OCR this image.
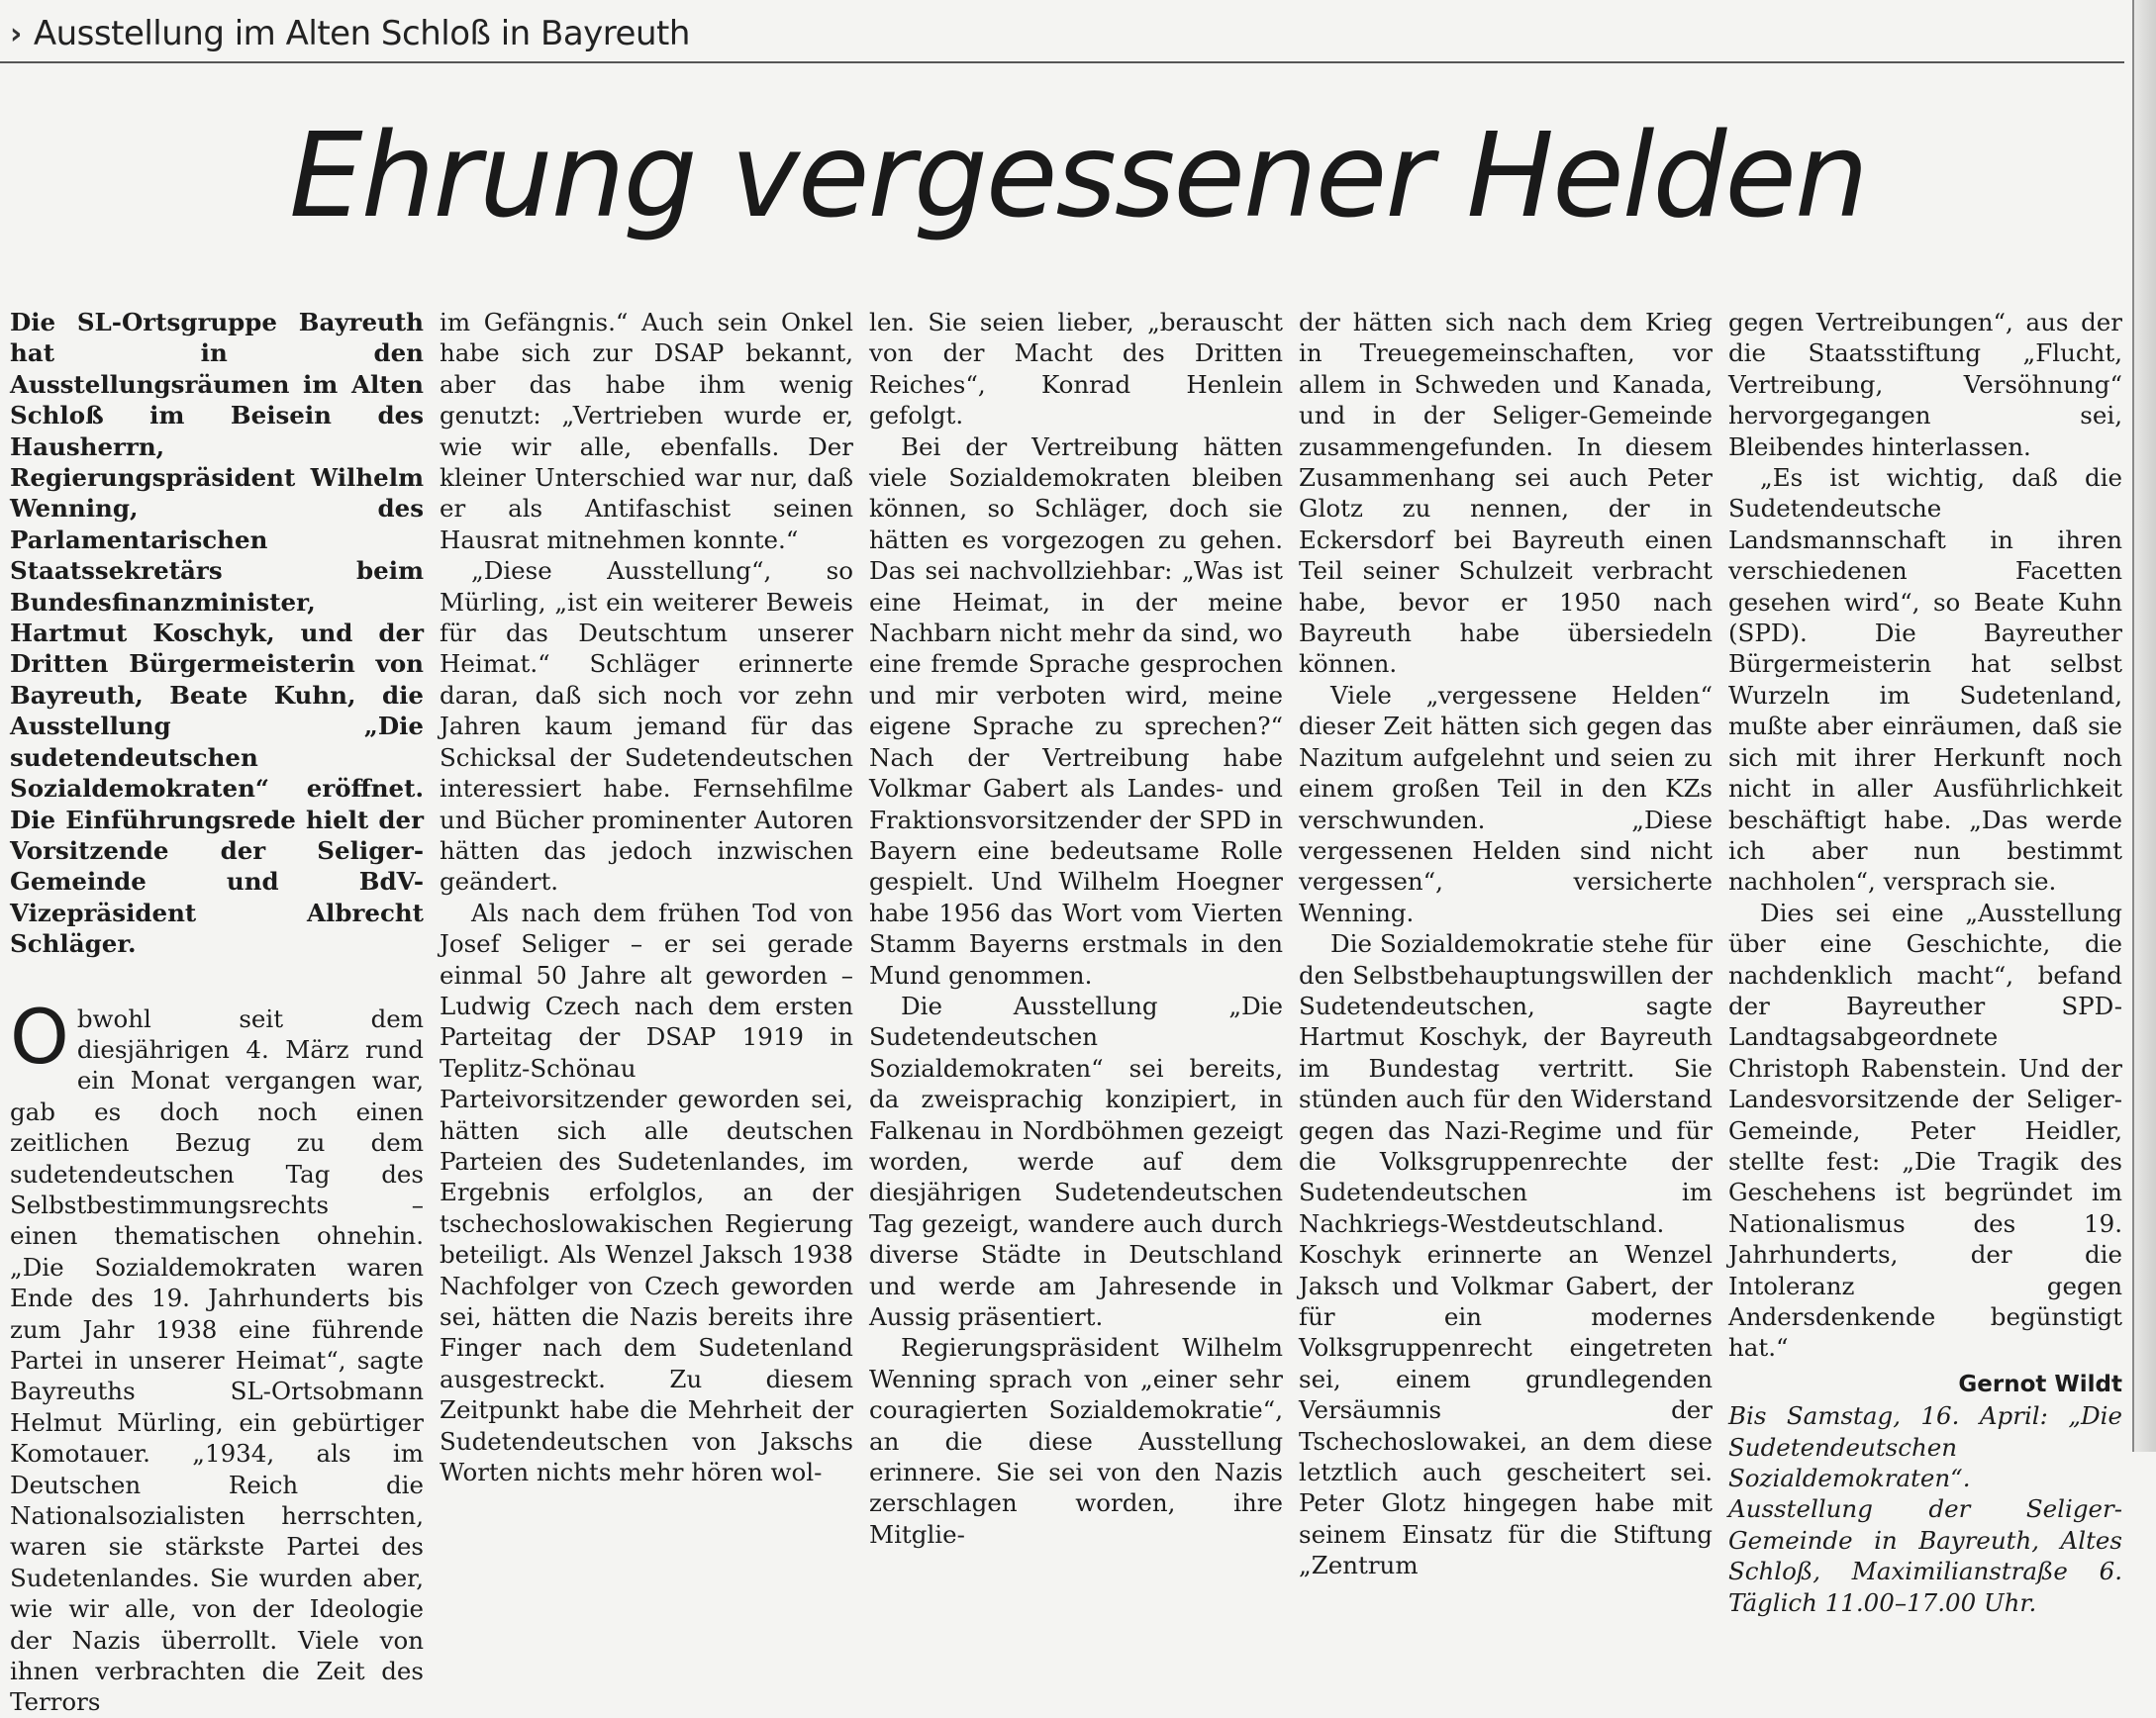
› Ausstellung im Alten Schloß in Bayreuth
Ehrung vergessener Helden

Die SL-Ortsgruppe Bayreuth hat in den Ausstellungsräumen im Alten Schloß im Beisein des Hausherrn, Regierungspräsident Wilhelm Wenning, des Parlamentarischen Staatssekretärs beim Bundesfinanzminister, Hartmut Koschyk, und der Dritten Bürgermeisterin von Bayreuth, Beate Kuhn, die Ausstellung „Die sudetendeutschen Sozialdemokraten“ eröffnet. Die Einführungsrede hielt der Vorsitzende der Seliger-Gemeinde und BdV-Vizepräsident Albrecht Schläger.

Obwohl seit dem diesjährigen 4. März rund ein Monat vergangen war, gab es doch noch einen zeitlichen Bezug zu dem sudetendeutschen Tag des Selbstbestimmungsrechts – einen thematischen ohnehin. „Die Sozialdemokraten waren Ende des 19. Jahrhunderts bis zum Jahr 1938 eine führende Partei in unserer Heimat“, sagte Bayreuths SL-Ortsobmann Helmut Mürling, ein gebürtiger Komotauer. „1934, als im Deutschen Reich die Nationalsozialisten herrschten, waren sie stärkste Partei des Sudetenlandes. Sie wurden aber, wie wir alle, von der Ideologie der Nazis überrollt. Viele von ihnen verbrachten die Zeit des Terrors

im Gefängnis.“ Auch sein Onkel habe sich zur DSAP bekannt, aber das habe ihm wenig genutzt: „Vertrieben wurde er, wie wir alle, ebenfalls. Der kleiner Unterschied war nur, daß er als Antifaschist seinen Hausrat mitnehmen konnte.“

„Diese Ausstellung“, so Mürling, „ist ein weiterer Beweis für das Deutschtum unserer Heimat.“ Schläger erinnerte daran, daß sich noch vor zehn Jahren kaum jemand für das Schicksal der Sudetendeutschen interessiert habe. Fernsehfilme und Bücher prominenter Autoren hätten das jedoch inzwischen geändert.

Als nach dem frühen Tod von Josef Seliger – er sei gerade einmal 50 Jahre alt geworden – Ludwig Czech nach dem ersten Parteitag der DSAP 1919 in Teplitz-Schönau Parteivorsitzender geworden sei, hätten sich alle deutschen Parteien des Sudetenlandes, im Ergebnis erfolglos, an der tschechoslowakischen Regierung beteiligt. Als Wenzel Jaksch 1938 Nachfolger von Czech geworden sei, hätten die Nazis bereits ihre Finger nach dem Sudetenland ausgestreckt. Zu diesem Zeitpunkt habe die Mehrheit der Sudetendeutschen von Jakschs Worten nichts mehr hören wol-

len. Sie seien lieber, „berauscht von der Macht des Dritten Reiches“, Konrad Henlein gefolgt.

Bei der Vertreibung hätten viele Sozialdemokraten bleiben können, so Schläger, doch sie hätten es vorgezogen zu gehen. Das sei nachvollziehbar: „Was ist eine Heimat, in der meine Nachbarn nicht mehr da sind, wo eine fremde Sprache gesprochen und mir verboten wird, meine eigene Sprache zu sprechen?“ Nach der Vertreibung habe Volkmar Gabert als Landes- und Fraktionsvorsitzender der SPD in Bayern eine bedeutsame Rolle gespielt. Und Wilhelm Hoegner habe 1956 das Wort vom Vierten Stamm Bayerns erstmals in den Mund genommen.

Die Ausstellung „Die Sudetendeutschen Sozialdemokraten“ sei bereits, da zweisprachig konzipiert, in Falkenau in Nordböhmen gezeigt worden, werde auf dem diesjährigen Sudetendeutschen Tag gezeigt, wandere auch durch diverse Städte in Deutschland und werde am Jahresende in Aussig präsentiert.

Regierungspräsident Wilhelm Wenning sprach von „einer sehr couragierten Sozialdemokratie“, an die diese Ausstellung erinnere. Sie sei von den Nazis zerschlagen worden, ihre Mitglie-

der hätten sich nach dem Krieg in Treuegemeinschaften, vor allem in Schweden und Kanada, und in der Seliger-Gemeinde zusammengefunden. In diesem Zusammenhang sei auch Peter Glotz zu nennen, der in Eckersdorf bei Bayreuth einen Teil seiner Schulzeit verbracht habe, bevor er 1950 nach Bayreuth habe übersiedeln können.

Viele „vergessene Helden“ dieser Zeit hätten sich gegen das Nazitum aufgelehnt und seien zu einem großen Teil in den KZs verschwunden. „Diese vergessenen Helden sind nicht vergessen“, versicherte Wenning.

Die Sozialdemokratie stehe für den Selbstbehauptungswillen der Sudetendeutschen, sagte Hartmut Koschyk, der Bayreuth im Bundestag vertritt. Sie stünden auch für den Widerstand gegen das Nazi-Regime und für die Volksgruppenrechte der Sudetendeutschen im Nachkriegs-Westdeutschland. Koschyk erinnerte an Wenzel Jaksch und Volkmar Gabert, der für ein modernes Volksgruppenrecht eingetreten sei, einem grundlegenden Versäumnis der Tschechoslowakei, an dem diese letztlich auch gescheitert sei. Peter Glotz hingegen habe mit seinem Einsatz für die Stiftung „Zentrum

gegen Vertreibungen“, aus der die Staatsstiftung „Flucht, Vertreibung, Versöhnung“ hervorgegangen sei, Bleibendes hinterlassen.

„Es ist wichtig, daß die Sudetendeutsche Landsmannschaft in ihren verschiedenen Facetten gesehen wird“, so Beate Kuhn (SPD). Die Bayreuther Bürgermeisterin hat selbst Wurzeln im Sudetenland, mußte aber einräumen, daß sie sich mit ihrer Herkunft noch nicht in aller Ausführlichkeit beschäftigt habe. „Das werde ich aber nun bestimmt nachholen“, versprach sie.

Dies sei eine „Ausstellung über eine Geschichte, die nachdenklich macht“, befand der Bayreuther SPD-Landtagsabgeordnete Christoph Rabenstein. Und der Landesvorsitzende der Seliger-Gemeinde, Peter Heidler, stellte fest: „Die Tragik des Geschehens ist begründet im Nationalismus des 19. Jahrhunderts, der die Intoleranz gegen Andersdenkende begünstigt hat.“

Gernot Wildt

Bis Samstag, 16. April: „Die Sudetendeutschen Sozialdemokraten“. Ausstellung der Seliger-Gemeinde in Bayreuth, Altes Schloß, Maximilianstraße 6. Täglich 11.00–17.00 Uhr.
